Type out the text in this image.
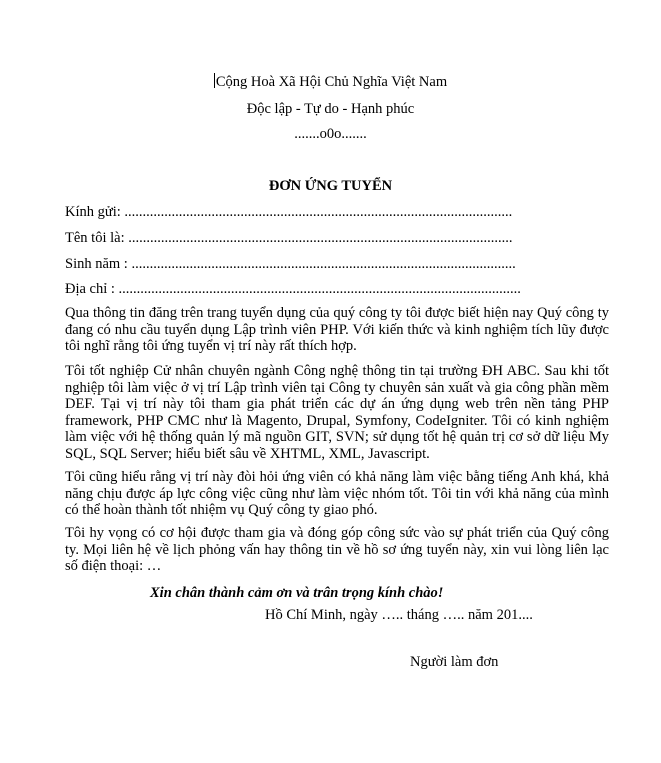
Cộng Hoà Xã Hội Chủ Nghĩa Việt Nam
Độc lập - Tự do - Hạnh phúc
.......o0o.......
ĐƠN ỨNG TUYỂN
Kính gửi: ...........................................................................................................
Tên tôi là: ..........................................................................................................
Sinh năm : ..........................................................................................................
Địa chỉ : ...............................................................................................................

Qua thông tin đăng trên trang tuyển dụng của quý công ty tôi được biết hiện nay Quý công ty đang có nhu cầu tuyển dụng Lập trình viên PHP. Với kiến thức và kinh nghiệm tích lũy được tôi nghĩ rằng tôi ứng tuyển vị trí này rất thích hợp.

Tôi tốt nghiệp Cử nhân chuyên ngành Công nghệ thông tin tại trường ĐH ABC. Sau khi tốt nghiệp tôi làm việc ở vị trí Lập trình viên tại Công ty chuyên sản xuất và gia công phần mềm DEF. Tại vị trí này tôi tham gia phát triển các dự án ứng dụng web trên nền tảng PHP framework, PHP CMC như là Magento, Drupal, Symfony, CodeIgniter. Tôi có kinh nghiệm làm việc với hệ thống quản lý mã nguồn GIT, SVN; sử dụng tốt hệ quản trị cơ sở dữ liệu My SQL, SQL Server; hiểu biết sâu về XHTML, XML, Javascript.

Tôi cũng hiểu rằng vị trí này đòi hỏi ứng viên có khả năng làm việc bằng tiếng Anh khá, khả năng chịu được áp lực công việc cũng như làm việc nhóm tốt. Tôi tin với khả năng của mình có thể hoàn thành tốt nhiệm vụ Quý công ty giao phó.

Tôi hy vọng có cơ hội được tham gia và đóng góp công sức vào sự phát triển của Quý công ty. Mọi liên hệ về lịch phỏng vấn hay thông tin về hồ sơ ứng tuyển này, xin vui lòng liên lạc số điện thoại: …

Xin chân thành cảm ơn và trân trọng kính chào!
Hồ Chí Minh, ngày ….. tháng ….. năm 201....
Người làm đơn
